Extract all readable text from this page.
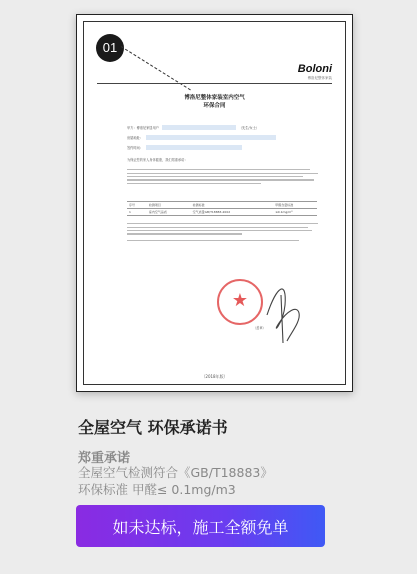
01
Boloni
博洛尼整体家装
博洛尼整体家装室内空气
环保合同
甲方：博洛尼家居用户	（先生/女士）
房屋地址：
签约时间：
为保证您的家人身体健康，我们郑重承诺：
序号	检测项目	检测标准	甲醛含量标准
1	室内空气品质	空气质量GB/T18883-2002	≤0.1mg/m³
★
（盖章）
（2018年版）
全屋空气 环保承诺书
郑重承诺
全屋空气检测符合《GB/T18883》
环保标准 甲醛≤ 0.1mg/m3
如未达标，施工全额免单
